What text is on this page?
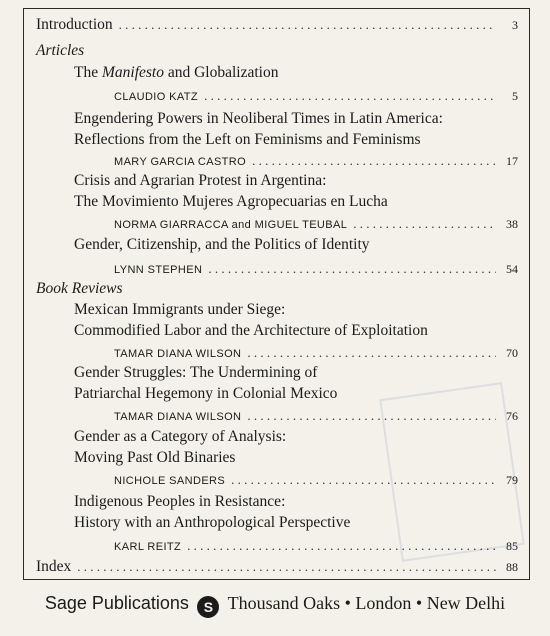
Introduction . . .	3
Articles
The Manifesto and Globalization
CLAUDIO KATZ . . .	5
Engendering Powers in Neoliberal Times in Latin America:
Reflections from the Left on Feminisms and Feminisms
MARY GARCIA CASTRO . . .	17
Crisis and Agrarian Protest in Argentina:
The Movimiento Mujeres Agropecuarias en Lucha
NORMA GIARRACCA and MIGUEL TEUBAL . . .	38
Gender, Citizenship, and the Politics of Identity
LYNN STEPHEN . . .	54
Book Reviews
Mexican Immigrants under Siege:
Commodified Labor and the Architecture of Exploitation
TAMAR DIANA WILSON . . .	70
Gender Struggles: The Undermining of
Patriarchal Hegemony in Colonial Mexico
TAMAR DIANA WILSON . . .	76
Gender as a Category of Analysis:
Moving Past Old Binaries
NICHOLE SANDERS . . .	79
Indigenous Peoples in Resistance:
History with an Anthropological Perspective
KARL REITZ . . .	85
Index . . .	88
Sage Publications S Thousand Oaks • London • New Delhi
